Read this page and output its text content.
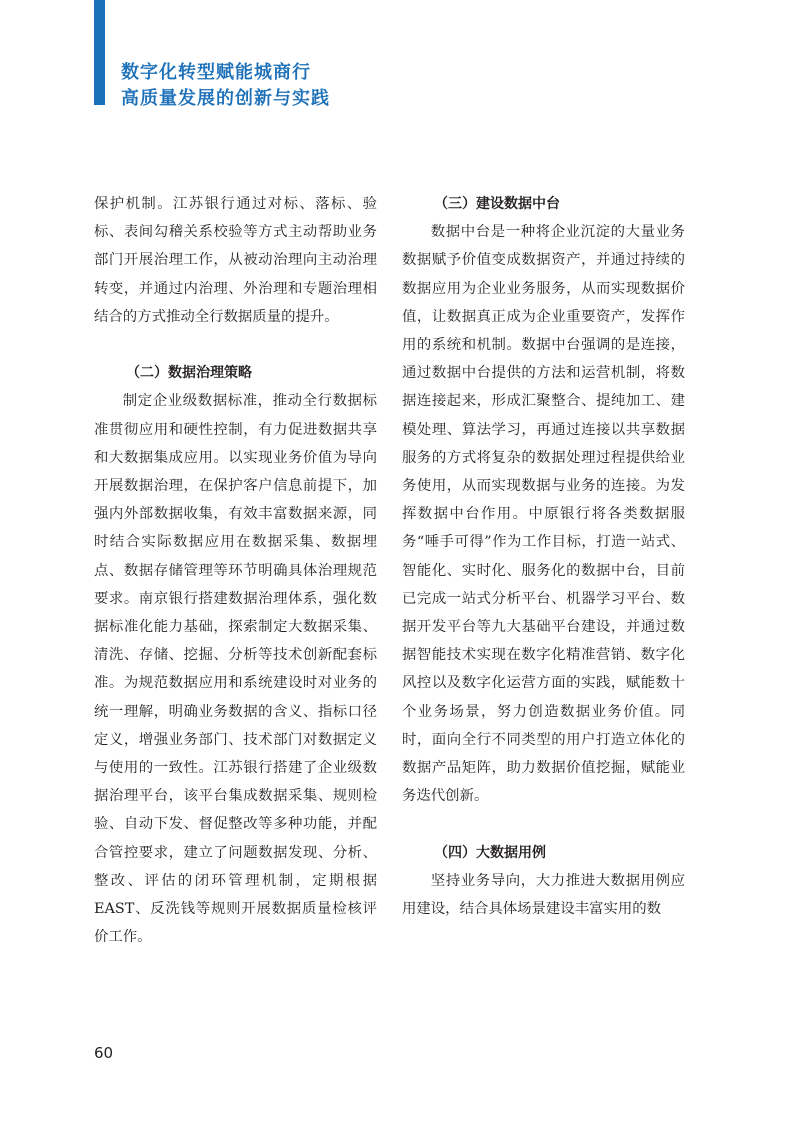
数字化转型赋能城商行
高质量发展的创新与实践

保护机制。江苏银行通过对标、落标、验标、表间勾稽关系校验等方式主动帮助业务部门开展治理工作，从被动治理向主动治理转变，并通过内治理、外治理和专题治理相结合的方式推动全行数据质量的提升。

（二）数据治理策略

制定企业级数据标准，推动全行数据标准贯彻应用和硬性控制，有力促进数据共享和大数据集成应用。以实现业务价值为导向开展数据治理，在保护客户信息前提下，加强内外部数据收集，有效丰富数据来源，同时结合实际数据应用在数据采集、数据埋点、数据存储管理等环节明确具体治理规范要求。南京银行搭建数据治理体系，强化数据标准化能力基础，探索制定大数据采集、清洗、存储、挖掘、分析等技术创新配套标准。为规范数据应用和系统建设时对业务的统一理解，明确业务数据的含义、指标口径定义，增强业务部门、技术部门对数据定义与使用的一致性。江苏银行搭建了企业级数据治理平台，该平台集成数据采集、规则检验、自动下发、督促整改等多种功能，并配合管控要求，建立了问题数据发现、分析、整改、评估的闭环管理机制，定期根据 EAST、反洗钱等规则开展数据质量检核评价工作。

（三）建设数据中台

数据中台是一种将企业沉淀的大量业务数据赋予价值变成数据资产，并通过持续的数据应用为企业业务服务，从而实现数据价值，让数据真正成为企业重要资产，发挥作用的系统和机制。数据中台强调的是连接，通过数据中台提供的方法和运营机制，将数据连接起来，形成汇聚整合、提纯加工、建模处理、算法学习，再通过连接以共享数据服务的方式将复杂的数据处理过程提供给业务使用，从而实现数据与业务的连接。为发挥数据中台作用。中原银行将各类数据服务“唾手可得”作为工作目标，打造一站式、智能化、实时化、服务化的数据中台，目前已完成一站式分析平台、机器学习平台、数据开发平台等九大基础平台建设，并通过数据智能技术实现在数字化精准营销、数字化风控以及数字化运营方面的实践，赋能数十个业务场景，努力创造数据业务价值。同时，面向全行不同类型的用户打造立体化的数据产品矩阵，助力数据价值挖掘，赋能业务迭代创新。

（四）大数据用例

坚持业务导向，大力推进大数据用例应用建设，结合具体场景建设丰富实用的数

60
